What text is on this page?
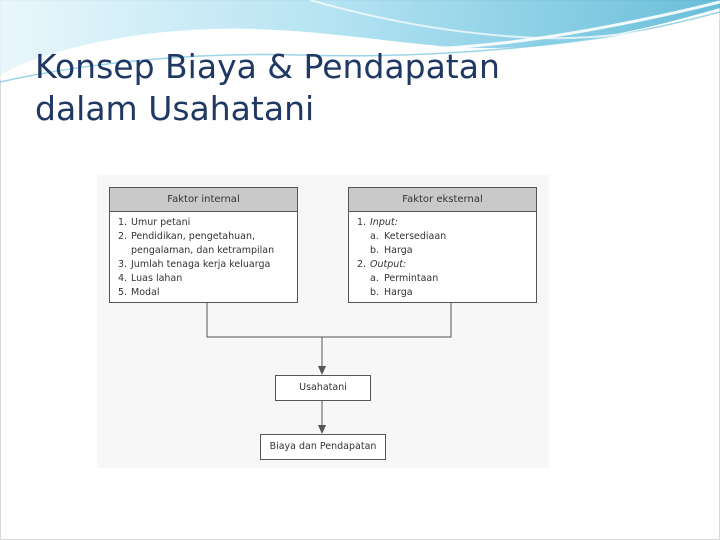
Konsep Biaya & Pendapatan
dalam Usahatani
Faktor internal
1. Umur petani
2. Pendidikan, pengetahuan,
pengalaman, dan ketrampilan
3. Jumlah tenaga kerja keluarga
4. Luas lahan
5. Modal
Faktor eksternal
1. Input:
a. Ketersediaan
b. Harga
2. Output:
a. Permintaan
b. Harga
Usahatani
Biaya dan Pendapatan
